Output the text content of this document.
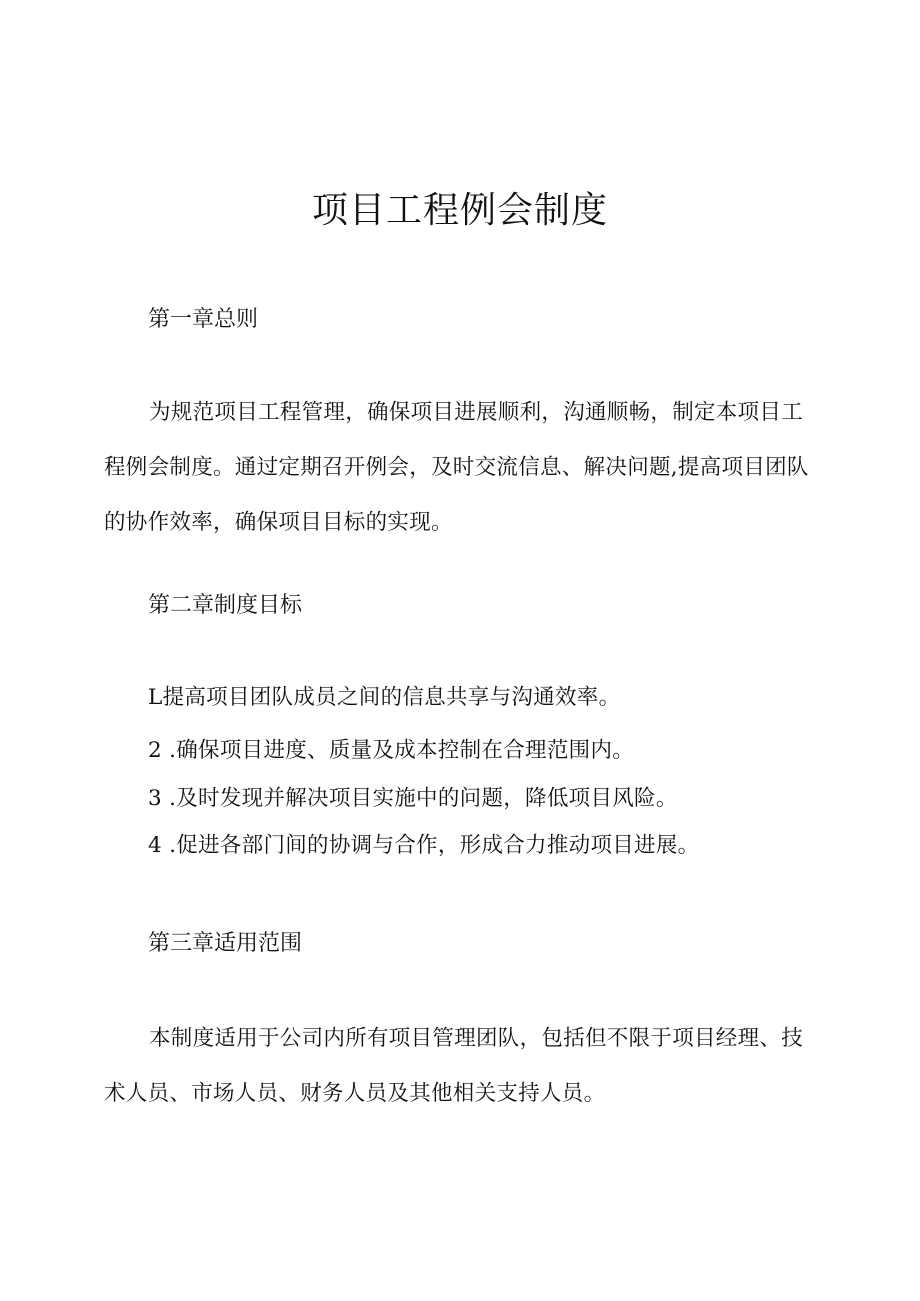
项目工程例会制度
第一章总则

为规范项目工程管理，确保项目进展顺利，沟通顺畅，制定本项目工程例会制度。通过定期召开例会，及时交流信息、解决问题,提高项目团队的协作效率，确保项目目标的实现。

第二章制度目标

L提高项目团队成员之间的信息共享与沟通效率。

2 .确保项目进度、质量及成本控制在合理范围内。

3 .及时发现并解决项目实施中的问题，降低项目风险。

4 .促进各部门间的协调与合作，形成合力推动项目进展。

第三章适用范围

本制度适用于公司内所有项目管理团队，包括但不限于项目经理、技术人员、市场人员、财务人员及其他相关支持人员。
